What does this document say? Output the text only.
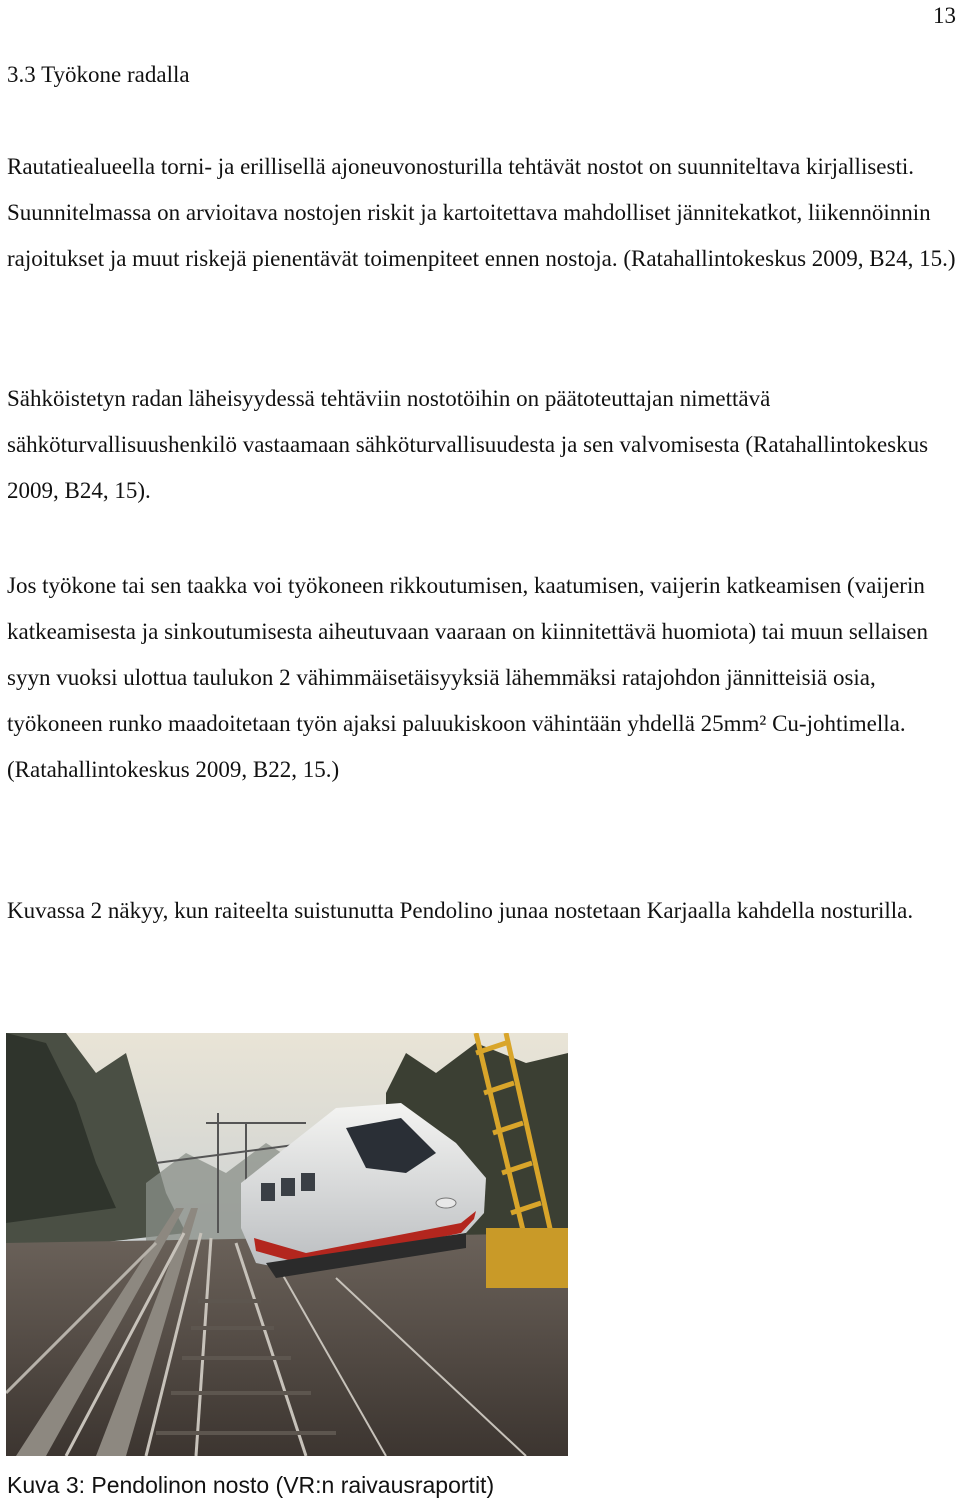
13
3.3 Työkone radalla

Rautatiealueella torni- ja erillisellä ajoneuvonosturilla tehtävät nostot on suunniteltava kirjallisesti. Suunnitelmassa on arvioitava nostojen riskit ja kartoitettava mahdolliset jännitekatkot, liikennöinnin rajoitukset ja muut riskejä pienentävät toimenpiteet ennen nostoja. (Ratahallintokeskus 2009, B24, 15.)

Sähköistetyn radan läheisyydessä tehtäviin nostotöihin on päätoteuttajan nimettävä sähköturvallisuushenkilö vastaamaan sähköturvallisuudesta ja sen valvomisesta (Ratahallintokeskus 2009, B24, 15).

Jos työkone tai sen taakka voi työkoneen rikkoutumisen, kaatumisen, vaijerin katkeamisen (vaijerin katkeamisesta ja sinkoutumisesta aiheutuvaan vaaraan on kiinnitettävä huomiota) tai muun sellaisen syyn vuoksi ulottua taulukon 2 vähimmäisetäisyyksiä lähemmäksi ratajohdon jännitteisiä osia, työkoneen runko maadoitetaan työn ajaksi paluukiskoon vähintään yhdellä 25mm² Cu-johtimella. (Ratahallintokeskus 2009, B22, 15.)

Kuvassa 2 näkyy, kun raiteelta suistunutta Pendolino junaa nostetaan Karjaalla kahdella nosturilla.

Kuva 3: Pendolinon nosto (VR:n raivausraportit)
